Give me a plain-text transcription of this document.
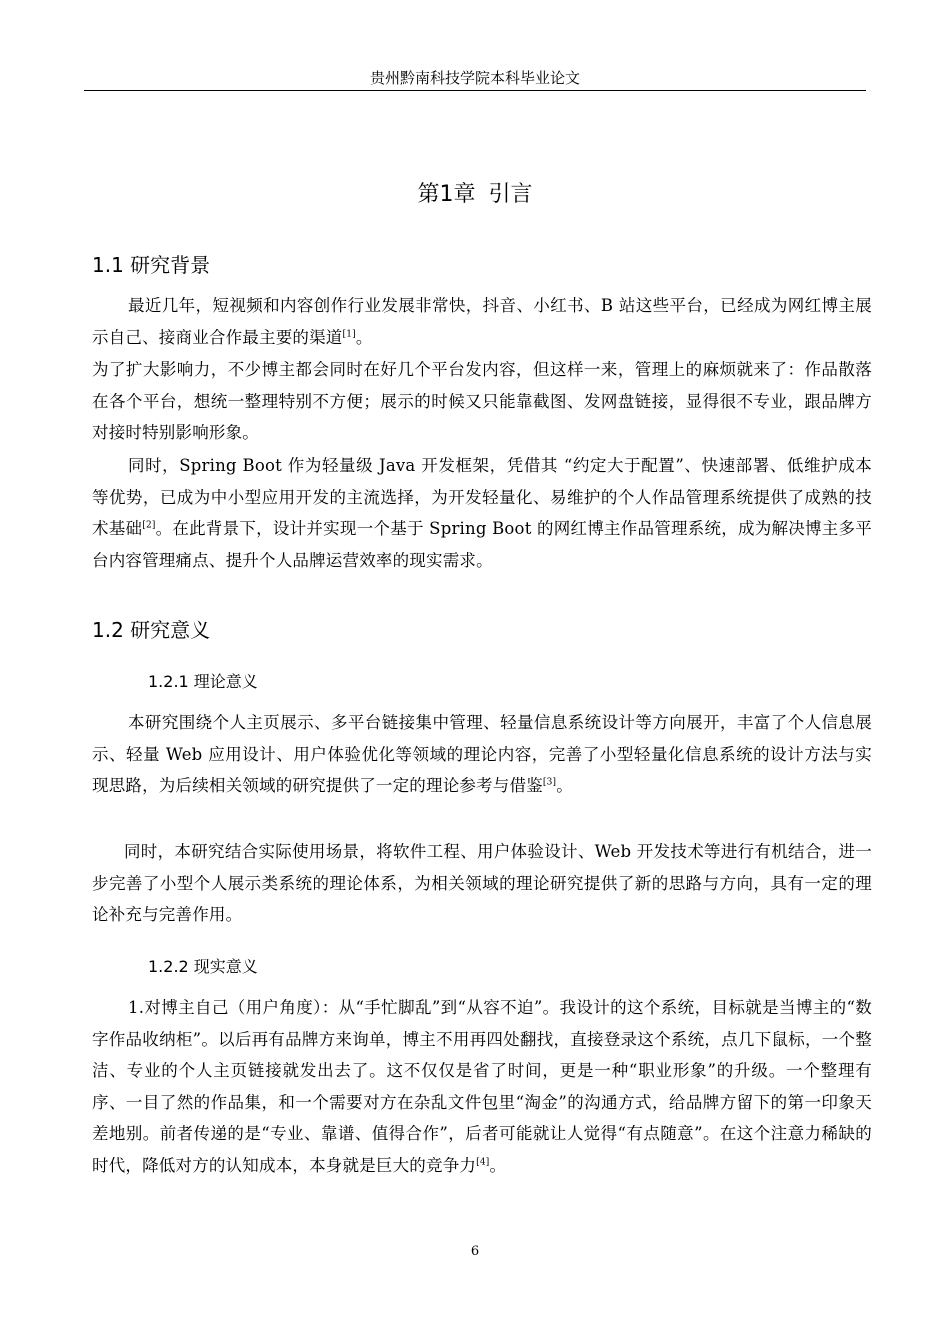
贵州黔南科技学院本科毕业论文
第1章 引言
1.1 研究背景
最近几年，短视频和内容创作行业发展非常快，抖音、小红书、B 站这些平台，已经成为网红博主展示自己、接商业合作最主要的渠道[1]。
为了扩大影响力，不少博主都会同时在好几个平台发内容，但这样一来，管理上的麻烦就来了：作品散落在各个平台，想统一整理特别不方便；展示的时候又只能靠截图、发网盘链接，显得很不专业，跟品牌方对接时特别影响形象。
同时，Spring Boot 作为轻量级 Java 开发框架，凭借其 “约定大于配置”、快速部署、低维护成本等优势，已成为中小型应用开发的主流选择，为开发轻量化、易维护的个人作品管理系统提供了成熟的技术基础[2]。在此背景下，设计并实现一个基于 Spring Boot 的网红博主作品管理系统，成为解决博主多平台内容管理痛点、提升个人品牌运营效率的现实需求。
1.2 研究意义
1.2.1 理论意义
本研究围绕个人主页展示、多平台链接集中管理、轻量信息系统设计等方向展开，丰富了个人信息展示、轻量 Web 应用设计、用户体验优化等领域的理论内容，完善了小型轻量化信息系统的设计方法与实现思路，为后续相关领域的研究提供了一定的理论参考与借鉴[3]。
同时，本研究结合实际使用场景，将软件工程、用户体验设计、Web 开发技术等进行有机结合，进一步完善了小型个人展示类系统的理论体系，为相关领域的理论研究提供了新的思路与方向，具有一定的理论补充与完善作用。
1.2.2 现实意义
1.对博主自己（用户角度）：从“手忙脚乱”到“从容不迫”。我设计的这个系统，目标就是当博主的“数字作品收纳柜”。以后再有品牌方来询单，博主不用再四处翻找，直接登录这个系统，点几下鼠标，一个整洁、专业的个人主页链接就发出去了。这不仅仅是省了时间，更是一种“职业形象”的升级。一个整理有序、一目了然的作品集，和一个需要对方在杂乱文件包里“淘金”的沟通方式，给品牌方留下的第一印象天差地别。前者传递的是“专业、靠谱、值得合作”，后者可能就让人觉得“有点随意”。在这个注意力稀缺的时代，降低对方的认知成本，本身就是巨大的竞争力[4]。
6
